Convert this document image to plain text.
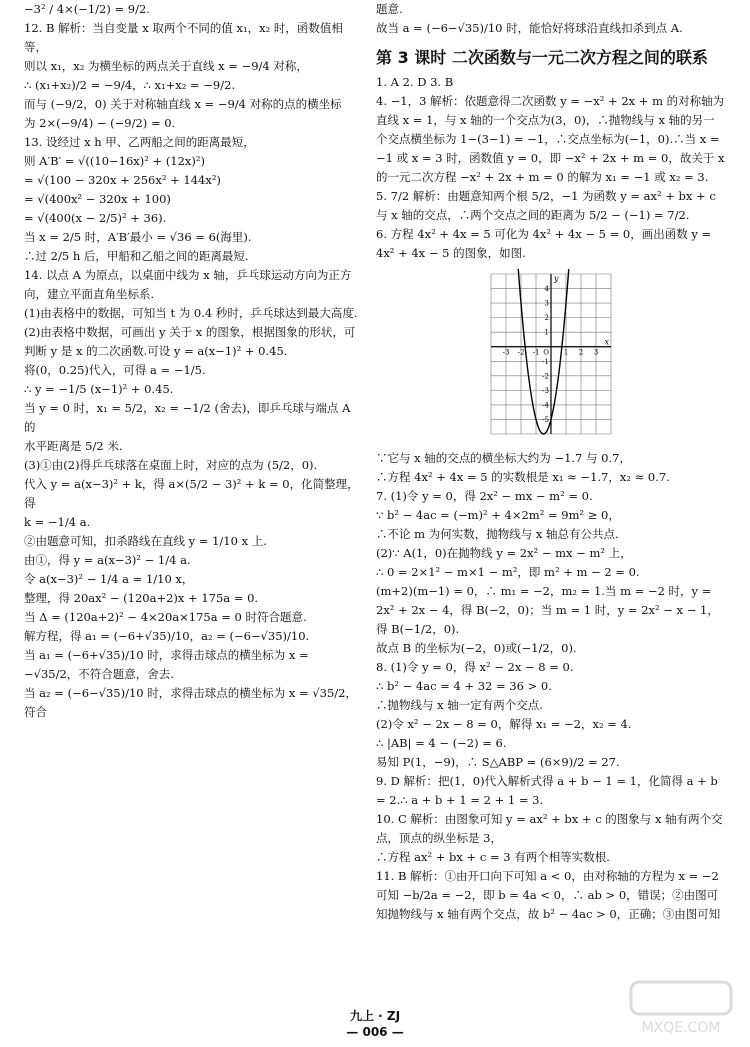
−3² / 4×(−1/2) = 9/2.
12. B 解析：当自变量 x 取两个不同的值 x₁，x₂ 时，函数值相等，
则以 x₁，x₂ 为横坐标的两点关于直线 x = −9/4 对称，
∴ (x₁+x₂)/2 = −9/4，∴ x₁+x₂ = −9/2.
而与 (−9/2，0) 关于对称轴直线 x = −9/4 对称的点的横坐标
为 2×(−9/4) − (−9/2) = 0.
13. 设经过 x h 甲、乙两船之间的距离最短，
则 A′B′ = √((10−16x)² + (12x)²)
= √(100 − 320x + 256x² + 144x²)
= √(400x² − 320x + 100)
= √(400(x − 2/5)² + 36).
当 x = 2/5 时，A′B′最小 = √36 = 6(海里).
∴过 2/5 h 后，甲船和乙船之间的距离最短.
14. 以点 A 为原点，以桌面中线为 x 轴，乒乓球运动方向为正方向，建立平面直角坐标系.
(1)由表格中的数据，可知当 t 为 0.4 秒时，乒乓球达到最大高度.
(2)由表格中数据，可画出 y 关于 x 的图象，根据图象的形状，可判断 y 是 x 的二次函数.可设 y = a(x−1)² + 0.45.
将(0，0.25)代入，可得 a = −1/5.
∴ y = −1/5 (x−1)² + 0.45.
当 y = 0 时，x₁ = 5/2，x₂ = −1/2 (舍去)，即乒乓球与端点 A 的
水平距离是 5/2 米.
(3)①由(2)得乒乓球落在桌面上时，对应的点为 (5/2，0).
代入 y = a(x−3)² + k，得 a×(5/2 − 3)² + k = 0，化简整理，得
k = −1/4 a.
②由题意可知，扣杀路线在直线 y = 1/10 x 上.
由①，得 y = a(x−3)² − 1/4 a.
令 a(x−3)² − 1/4 a = 1/10 x，
整理，得 20ax² − (120a+2)x + 175a = 0.
当 Δ = (120a+2)² − 4×20a×175a = 0 时符合题意.
解方程，得 a₁ = (−6+√35)/10，a₂ = (−6−√35)/10.
当 a₁ = (−6+√35)/10 时，求得击球点的横坐标为 x = −√35/2，不符合题意，舍去.
当 a₂ = (−6−√35)/10 时，求得击球点的横坐标为 x = √35/2，符合
题意.
故当 a = (−6−√35)/10 时，能恰好将球沿直线扣杀到点 A.
第 3 课时 二次函数与一元二次方程之间的联系
1. A 2. D 3. B
4. −1，3 解析：依题意得二次函数 y = −x² + 2x + m 的对称轴为直线 x = 1，与 x 轴的一个交点为(3，0)，∴抛物线与 x 轴的另一个交点横坐标为 1−(3−1) = −1，∴交点坐标为(−1，0).∴当 x = −1 或 x = 3 时，函数值 y = 0，即 −x² + 2x + m = 0，故关于 x 的一元二次方程 −x² + 2x + m = 0 的解为 x₁ = −1 或 x₂ = 3.
5. 7/2 解析：由题意知两个根 5/2，−1 为函数 y = ax² + bx + c 与 x 轴的交点，∴两个交点之间的距离为 5/2 − (−1) = 7/2.
6. 方程 4x² + 4x = 5 可化为 4x² + 4x − 5 = 0，画出函数 y = 4x² + 4x − 5 的图象，如图.
x
y
-3 -2 -1	1 2 3
-5
-4
-3
-2
-1
1
2
3
4
O
∵它与 x 轴的交点的横坐标大约为 −1.7 与 0.7，
∴方程 4x² + 4x = 5 的实数根是 x₁ ≈ −1.7，x₂ ≈ 0.7.
7. (1)令 y = 0，得 2x² − mx − m² = 0.
∵ b² − 4ac = (−m)² + 4×2m² = 9m² ≥ 0，
∴不论 m 为何实数，抛物线与 x 轴总有公共点.
(2)∵ A(1，0)在抛物线 y = 2x² − mx − m² 上，
∴ 0 = 2×1² − m×1 − m²，即 m² + m − 2 = 0.
(m+2)(m−1) = 0，∴ m₁ = −2，m₂ = 1.当 m = −2 时，y = 2x² + 2x − 4，得 B(−2，0)；当 m = 1 时，y = 2x² − x − 1，得 B(−1/2，0).
故点 B 的坐标为(−2，0)或(−1/2，0).
8. (1)令 y = 0，得 x² − 2x − 8 = 0.
∴ b² − 4ac = 4 + 32 = 36 > 0.
∴抛物线与 x 轴一定有两个交点.
(2)令 x² − 2x − 8 = 0，解得 x₁ = −2，x₂ = 4.
∴ |AB| = 4 − (−2) = 6.
易知 P(1，−9)，∴ S△ABP = (6×9)/2 = 27.
9. D 解析：把(1，0)代入解析式得 a + b − 1 = 1，化简得 a + b = 2.∴ a + b + 1 = 2 + 1 = 3.
10. C 解析：由图象可知 y = ax² + bx + c 的图象与 x 轴有两个交点，顶点的纵坐标是 3，
∴方程 ax² + bx + c = 3 有两个相等实数根.
11. B 解析：①由开口向下可知 a < 0，由对称轴的方程为 x = −2 可知 −b/2a = −2，即 b = 4a < 0，∴ ab > 0，错误；②由图可知抛物线与 x 轴有两个交点，故 b² − 4ac > 0，正确；③由图可知
九上 · ZJ
— 006 —	MXQE.COM
